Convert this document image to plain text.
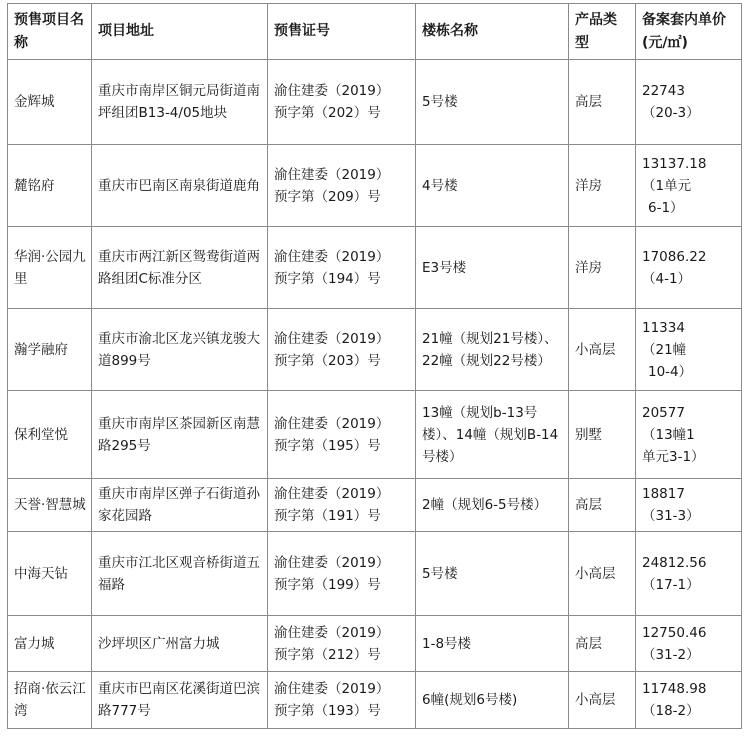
预售项目名称	项目地址	预售证号	楼栋名称	产品类型	备案套内单价(元/㎡)
金辉城	重庆市南岸区铜元局街道南坪组团B13-4/05地块	渝住建委（2019）
预字第（202）号	5号楼	高层	22743
（20-3）

麓铭府	重庆市巴南区南泉街道鹿角	渝住建委（2019）
预字第（209）号	4号楼	洋房	13137.18
（1单元
6-1）

华润·公园九里	重庆市两江新区鸳鸯街道两路组团C标准分区	渝住建委（2019）
预字第（194）号	E3号楼	洋房	17086.22
（4-1）

瀚学融府	重庆市渝北区龙兴镇龙骏大道899号	渝住建委（2019）
预字第（203）号	21幢（规划21号楼）、22幢（规划22号楼）	小高层	11334
（21幢
10-4）

保利堂悦	重庆市南岸区茶园新区南慧路295号	渝住建委（2019）
预字第（195）号	13幢（规划b-13号楼）、14幢（规划B-14号楼）	别墅	20577
（13幢1
单元3-1）

天誉·智慧城	重庆市南岸区弹子石街道孙家花园路	渝住建委（2019）
预字第（191）号	2幢（规划6-5号楼）	高层	18817
（31-3）

中海天钻	重庆市江北区观音桥街道五福路	渝住建委（2019）
预字第（199）号	5号楼	小高层	24812.56
（17-1）

富力城	沙坪坝区广州富力城	渝住建委（2019）
预字第（212）号	1-8号楼	高层	12750.46
（31-2）

招商·依云江湾	重庆市巴南区花溪街道巴滨路777号	渝住建委（2019）
预字第（193）号	6幢(规划6号楼)	小高层	11748.98
（18-2）
